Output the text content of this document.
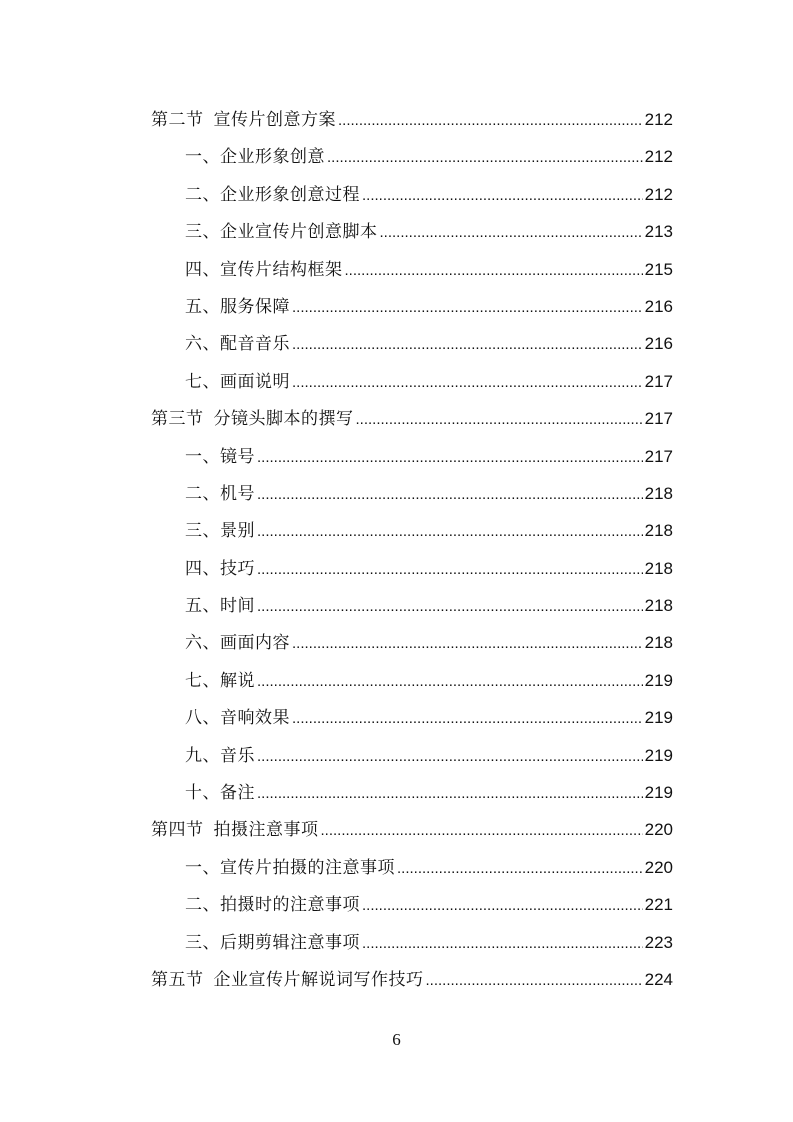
第二节 宣传片创意方案 .....	212
一、企业形象创意 .....	212
二、企业形象创意过程 .....	212
三、企业宣传片创意脚本 .....	213
四、宣传片结构框架 .....	215
五、服务保障 .....	216
六、配音音乐 .....	216
七、画面说明 .....	217
第三节 分镜头脚本的撰写 .....	217
一、镜号 .....	217
二、机号 .....	218
三、景别 .....	218
四、技巧 .....	218
五、时间 .....	218
六、画面内容 .....	218
七、解说 .....	219
八、音响效果 .....	219
九、音乐 .....	219
十、备注 .....	219
第四节 拍摄注意事项 .....	220
一、宣传片拍摄的注意事项 .....	220
二、拍摄时的注意事项 .....	221
三、后期剪辑注意事项 .....	223
第五节 企业宣传片解说词写作技巧 .....	224
6
